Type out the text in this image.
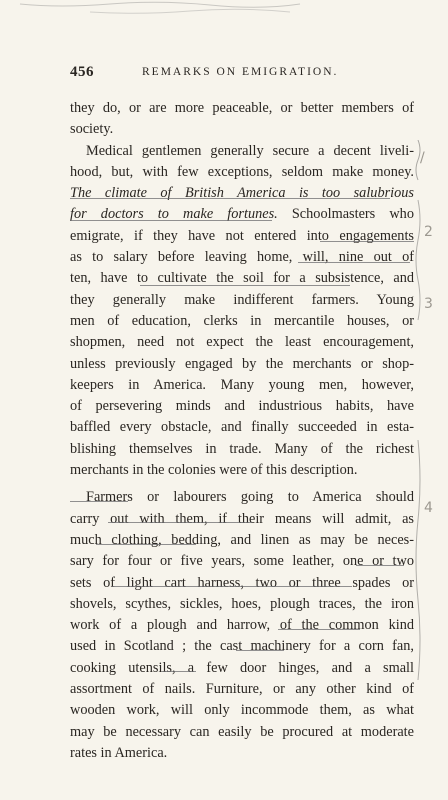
456	REMARKS ON EMIGRATION.
they do, or are more peaceable, or better members of
society.
Medical gentlemen generally secure a decent liveli-
hood, but, with few exceptions, seldom make money.
The climate of British America is too salubrious
for doctors to make fortunes. Schoolmasters who
emigrate, if they have not entered into engagements
as to salary before leaving home, will, nine out of
ten, have to cultivate the soil for a subsistence, and
they generally make indifferent farmers. Young
men of education, clerks in mercantile houses, or
shopmen, need not expect the least encouragement,
unless previously engaged by the merchants or shop-
keepers in America. Many young men, however,
of persevering minds and industrious habits, have
baffled every obstacle, and finally succeeded in esta-
blishing themselves in trade. Many of the richest
merchants in the colonies were of this description.
Farmers or labourers going to America should
carry out with them, if their means will admit, as
much clothing, bedding, and linen as may be neces-
sary for four or five years, some leather, one or two
sets of light cart harness, two or three spades or
shovels, scythes, sickles, hoes, plough traces, the iron
work of a plough and harrow, of the common kind
used in Scotland ; the cast machinery for a corn fan,
cooking utensils, a few door hinges, and a small
assortment of nails. Furniture, or any other kind of
wooden work, will only incommode them, as what
may be necessary can easily be procured at moderate
rates in America.
/
2
3
4
